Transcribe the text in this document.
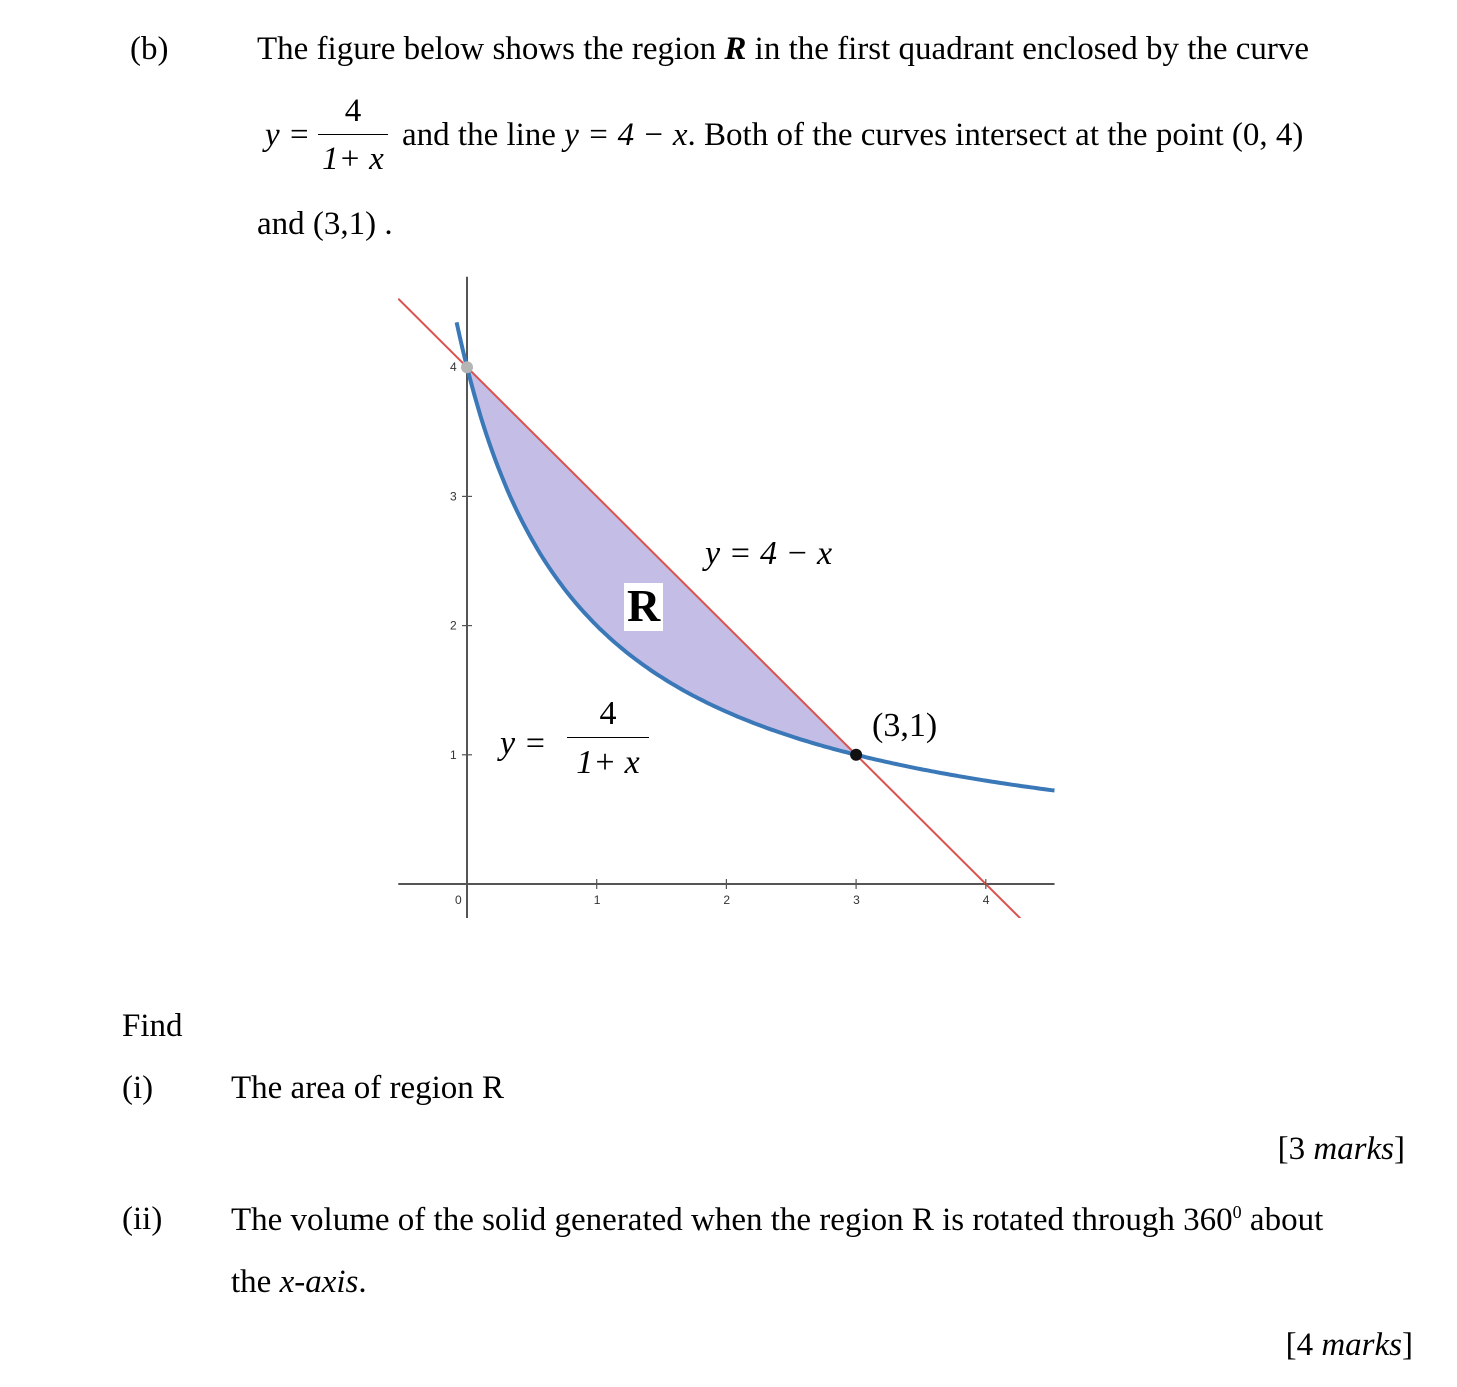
(b)	The figure below shows the region R in the first quadrant enclosed by the curve
y =
4
1+ x
and the line y = 4 − x. Both of the curves intersect at the point (0, 4)
and (3,1) .
0	1	2	3	4
1
2
3
4
R
y = 4 − x
y =
4
1+ x
(3,1)
Find
(i) The area of region R
[3 marks]
(ii) The volume of the solid generated when the region R is rotated through $360^0$ about
the x-axis.
[4 marks]
